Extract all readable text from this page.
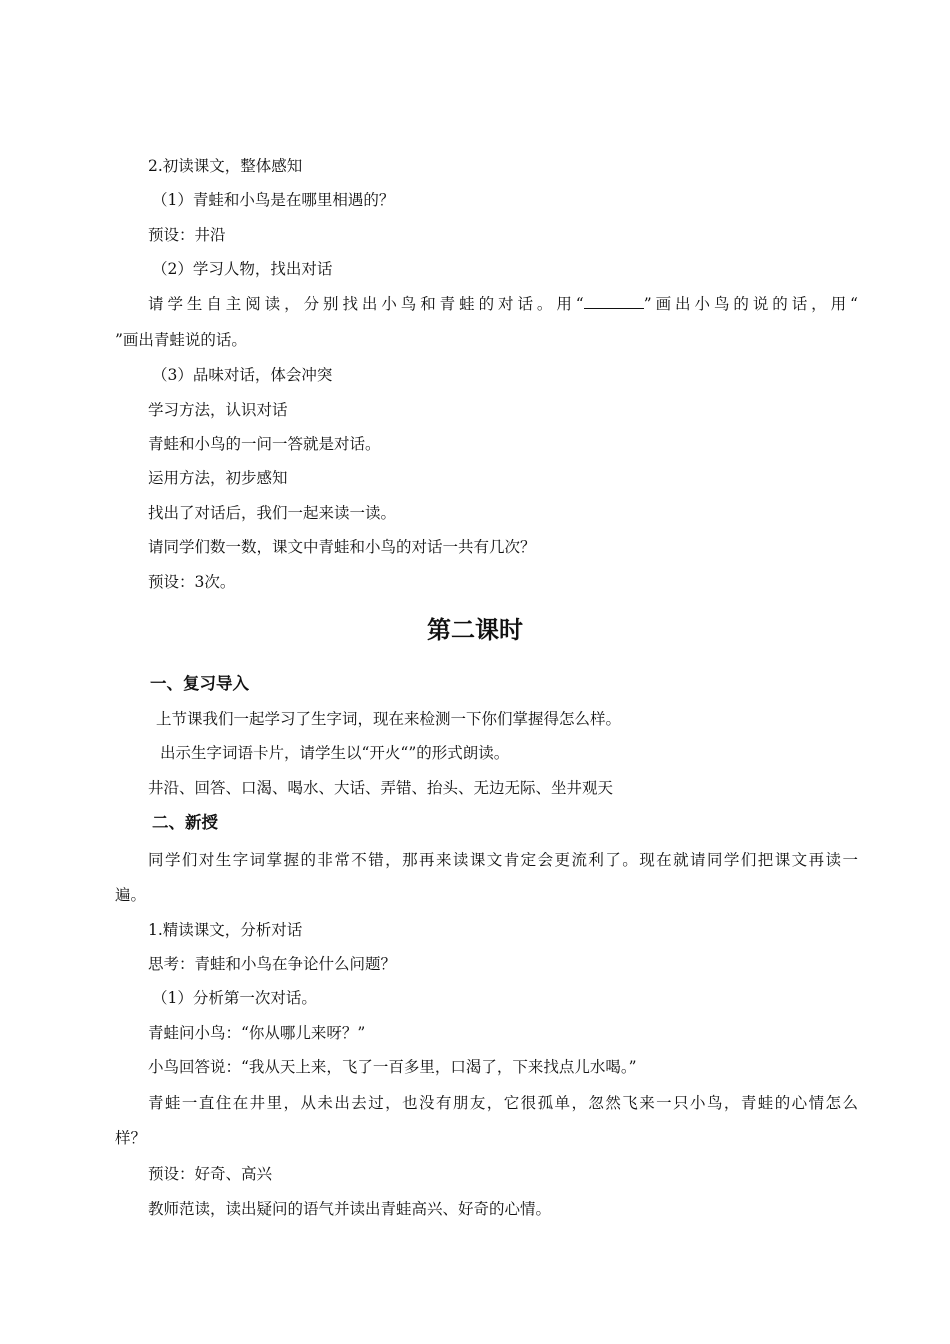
2.初读课文，整体感知

（1）青蛙和小鸟是在哪里相遇的？

预设：井沿

（2）学习人物，找出对话

请学生自主阅读，分别找出小鸟和青蛙的对话。用“	”画出小鸟的说的话，用“

”画出青蛙说的话。

（3）品味对话，体会冲突

学习方法，认识对话

青蛙和小鸟的一问一答就是对话。

运用方法，初步感知

找出了对话后，我们一起来读一读。

请同学们数一数，课文中青蛙和小鸟的对话一共有几次？

预设：3次。

第二课时
一、复习导入

上节课我们一起学习了生字词，现在来检测一下你们掌握得怎么样。

出示生字词语卡片，请学生以“开火“”的形式朗读。

井沿、回答、口渴、喝水、大话、弄错、抬头、无边无际、坐井观天

二、新授

同学们对生字词掌握的非常不错，那再来读课文肯定会更流利了。现在就请同学们把课文再读一

遍。

1.精读课文，分析对话

思考：青蛙和小鸟在争论什么问题？

（1）分析第一次对话。

青蛙问小鸟：“你从哪儿来呀？”

小鸟回答说：“我从天上来，飞了一百多里，口渴了，下来找点儿水喝。”

青蛙一直住在井里，从未出去过，也没有朋友，它很孤单，忽然飞来一只小鸟，青蛙的心情怎么

样？

预设：好奇、高兴

教师范读，读出疑问的语气并读出青蛙高兴、好奇的心情。
